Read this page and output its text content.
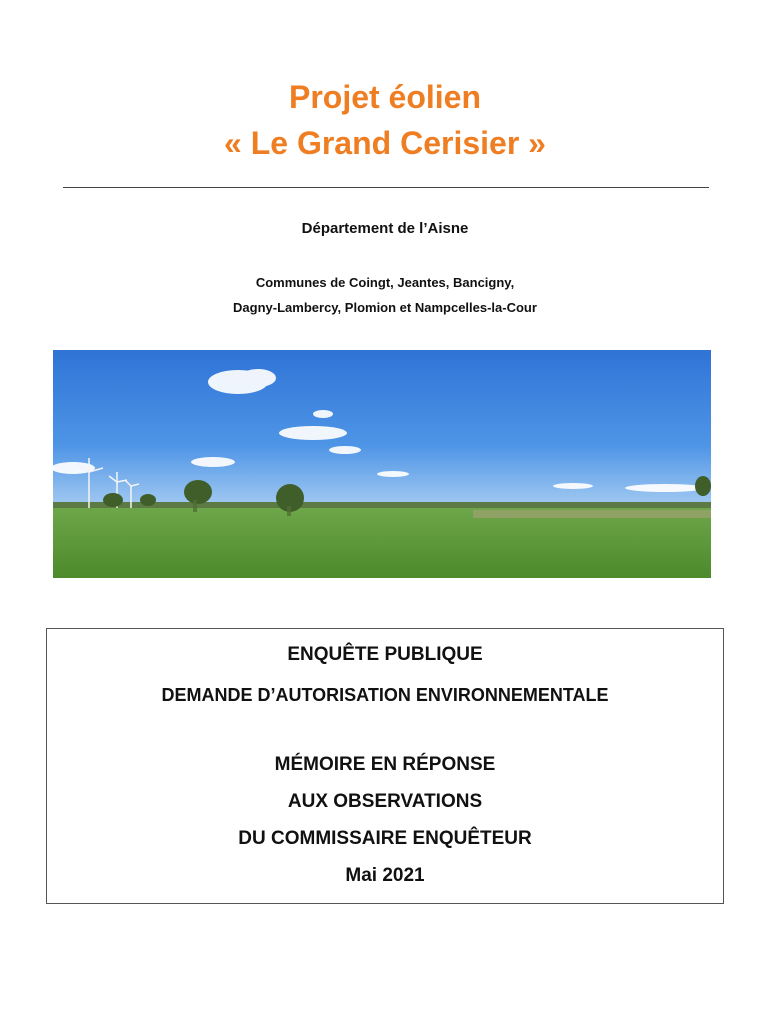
Projet éolien
« Le Grand Cerisier »
Département de l’Aisne
Communes de Coingt, Jeantes, Bancigny,
Dagny-Lambercy, Plomion et Nampcelles-la-Cour
ENQUÊTE PUBLIQUE
DEMANDE D’AUTORISATION ENVIRONNEMENTALE
MÉMOIRE EN RÉPONSE
AUX OBSERVATIONS
DU COMMISSAIRE ENQUÊTEUR
Mai 2021
